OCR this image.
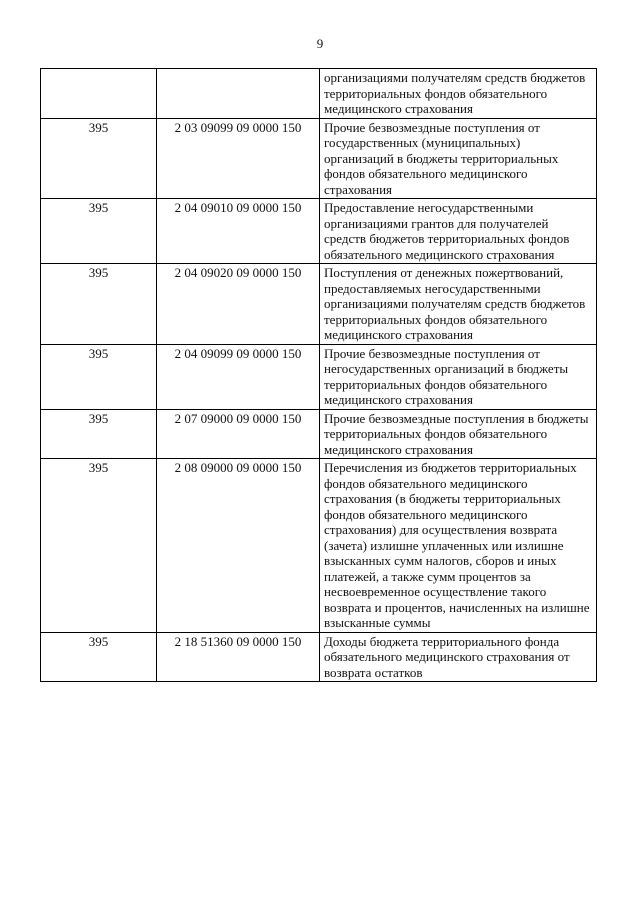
9
		организациями получателям средств бюджетов территориальных фондов обязательного медицинского страхования
395	2 03 09099 09 0000 150	Прочие безвозмездные поступления от государственных (муниципальных) организаций в бюджеты территориальных фондов обязательного медицинского страхования
395	2 04 09010 09 0000 150	Предоставление негосударственными организациями грантов для получателей средств бюджетов территориальных фондов обязательного медицинского страхования
395	2 04 09020 09 0000 150	Поступления от денежных пожертвований, предоставляемых негосударственными организациями получателям средств бюджетов территориальных фондов обязательного медицинского страхования
395	2 04 09099 09 0000 150	Прочие безвозмездные поступления от негосударственных организаций в бюджеты территориальных фондов обязательного медицинского страхования
395	2 07 09000 09 0000 150	Прочие безвозмездные поступления в бюджеты территориальных фондов обязательного медицинского страхования
395	2 08 09000 09 0000 150	Перечисления из бюджетов территориальных фондов обязательного медицинского страхования (в бюджеты территориальных фондов обязательного медицинского страхования) для осуществления возврата (зачета) излишне уплаченных или излишне взысканных сумм налогов, сборов и иных платежей, а также сумм процентов за несвоевременное осуществление такого возврата и процентов, начисленных на излишне взысканные суммы
395	2 18 51360 09 0000 150	Доходы бюджета территориального фонда обязательного медицинского страхования от возврата остатков
